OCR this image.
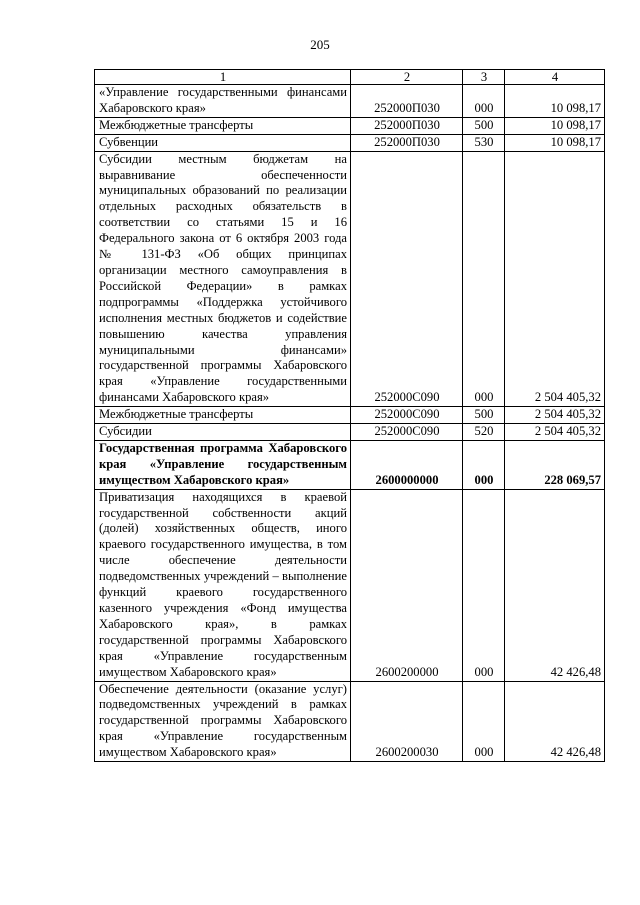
205
1	2	3	4
«Управление государственными финансами Хабаровского края»	252000П030	000	10 098,17
Межбюджетные трансферты	252000П030	500	10 098,17
Субвенции	252000П030	530	10 098,17
Субсидии местным бюджетам на выравнивание обеспеченности муниципальных образований по реализации отдельных расходных обязательств в соответствии со статьями 15 и 16 Федерального закона от 6 октября 2003 года № 131-ФЗ «Об общих принципах организации местного самоуправления в Российской Федерации» в рамках подпрограммы «Поддержка устойчивого исполнения местных бюджетов и содействие повышению качества управления муниципальными финансами» государственной программы Хабаровского края «Управление государственными финансами Хабаровского края»	252000С090	000	2 504 405,32
Межбюджетные трансферты	252000С090	500	2 504 405,32
Субсидии	252000С090	520	2 504 405,32
Государственная программа Хабаровского края «Управление государственным имуществом Хабаровского края»	2600000000	000	228 069,57
Приватизация находящихся в краевой государственной собственности акций (долей) хозяйственных обществ, иного краевого государственного имущества, в том числе обеспечение деятельности подведомственных учреждений – выполнение функций краевого государственного казенного учреждения «Фонд имущества Хабаровского края», в рамках государственной программы Хабаровского края «Управление государственным имуществом Хабаровского края»	2600200000	000	42 426,48
Обеспечение деятельности (оказание услуг) подведомственных учреждений в рамках государственной программы Хабаровского края «Управление государственным имуществом Хабаровского края»	2600200030	000	42 426,48
